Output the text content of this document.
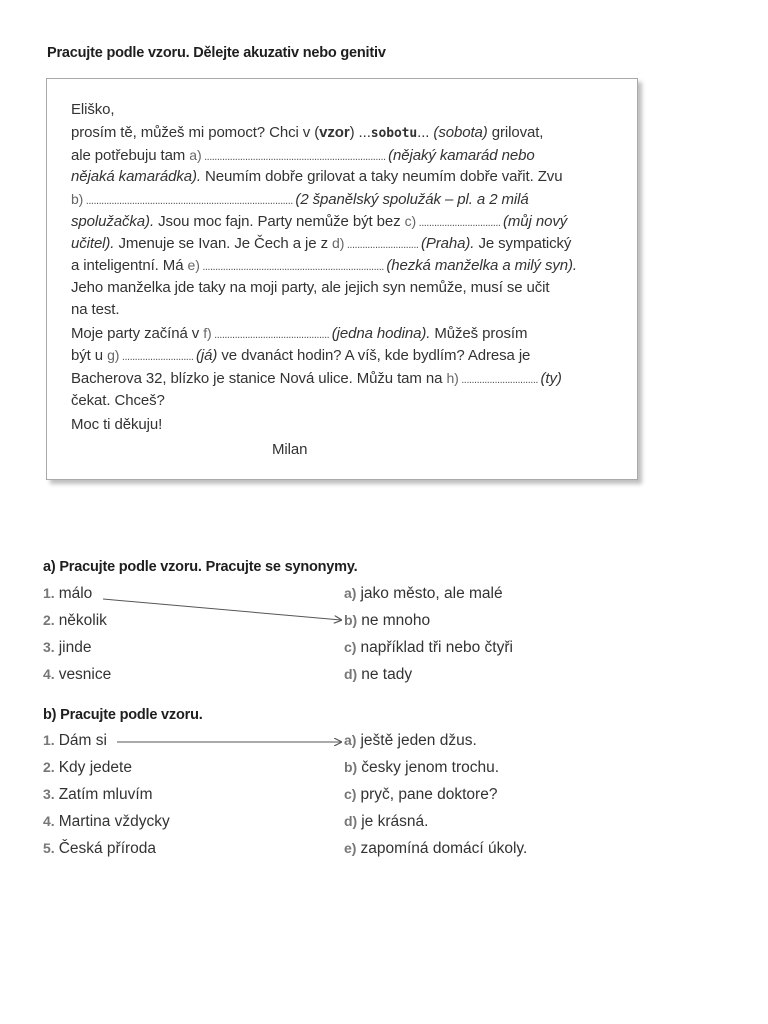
Pracujte podle vzoru. Dělejte akuzativ nebo genitiv
Eliško,
prosím tě, můžeš mi pomoct? Chci v (vzor) ...sobotu... (sobota) grilovat,
ale potřebuju tam a) ....................................................................... (nějaký kamarád nebo
nějaká kamarádka). Neumím dobře grilovat a taky neumím dobře vařit. Zvu
b) ................................................................................. (2 španělský spolužák – pl. a 2 milá
spolužačka). Jsou moc fajn. Party nemůže být bez c) ................................ (můj nový
učitel). Jmenuje se Ivan. Je Čech a je z d) ............................ (Praha). Je sympatický
a inteligentní. Má e) ....................................................................... (hezká manželka a milý syn).
Jeho manželka jde taky na moji party, ale jejich syn nemůže, musí se učit
na test.
Moje party začíná v f) ............................................. (jedna hodina). Můžeš prosím
být u g) ............................ (já) ve dvanáct hodin? A víš, kde bydlím? Adresa je
Bacherova 32, blízko je stanice Nová ulice. Můžu tam na h) .............................. (ty)
čekat. Chceš?
Moc ti děkuju!
Milan
a) Pracujte podle vzoru. Pracujte se synonymy.
1. málo
2. několik
3. jinde
4. vesnice
a) jako město, ale malé
b) ne mnoho
c) například tři nebo čtyři
d) ne tady
b) Pracujte podle vzoru.
1. Dám si
2. Kdy jedete
3. Zatím mluvím
4. Martina vždycky
5. Česká příroda
a) ještě jeden džus.
b) česky jenom trochu.
c) pryč, pane doktore?
d) je krásná.
e) zapomíná domácí úkoly.
